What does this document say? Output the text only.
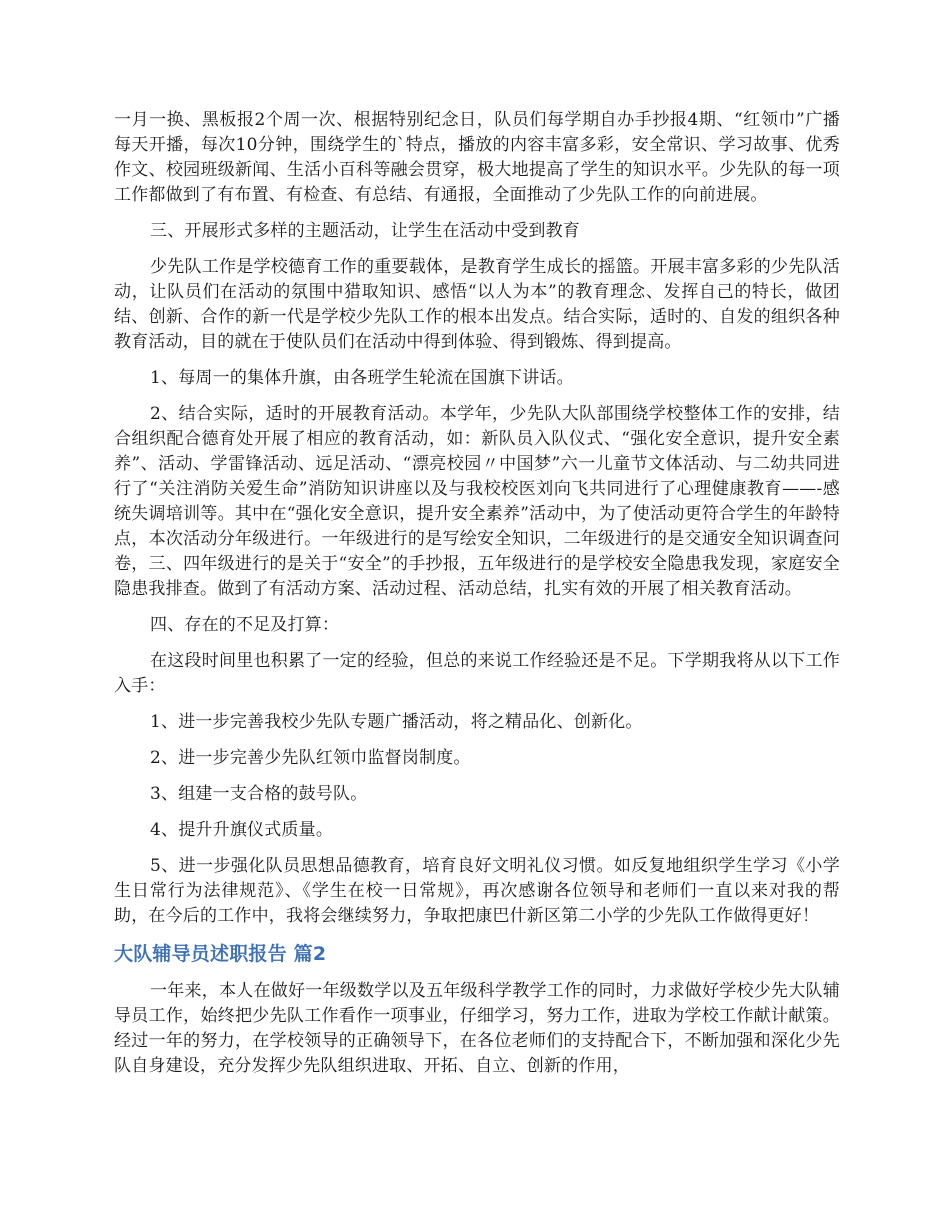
一月一换、黑板报2个周一次、根据特别纪念日，队员们每学期自办手抄报4期、“红领巾”广播每天开播，每次10分钟，围绕学生的`特点，播放的内容丰富多彩，安全常识、学习故事、优秀作文、校园班级新闻、生活小百科等融会贯穿，极大地提高了学生的知识水平。少先队的每一项工作都做到了有布置、有检查、有总结、有通报，全面推动了少先队工作的向前进展。

三、开展形式多样的主题活动，让学生在活动中受到教育

少先队工作是学校德育工作的重要载体，是教育学生成长的摇篮。开展丰富多彩的少先队活动，让队员们在活动的氛围中猎取知识、感悟“以人为本”的教育理念、发挥自己的特长，做团结、创新、合作的新一代是学校少先队工作的根本出发点。结合实际，适时的、自发的组织各种教育活动，目的就在于使队员们在活动中得到体验、得到锻炼、得到提高。

1、每周一的集体升旗，由各班学生轮流在国旗下讲话。

2、结合实际，适时的开展教育活动。本学年，少先队大队部围绕学校整体工作的安排，结合组织配合德育处开展了相应的教育活动，如：新队员入队仪式、“强化安全意识，提升安全素养”、活动、学雷锋活动、远足活动、“漂亮校园〃中国梦”六一儿童节文体活动、与二幼共同进行了“关注消防关爱生命”消防知识讲座以及与我校校医刘向飞共同进行了心理健康教育——-感统失调培训等。其中在“强化安全意识，提升安全素养”活动中，为了使活动更符合学生的年龄特点，本次活动分年级进行。一年级进行的是写绘安全知识，二年级进行的是交通安全知识调查问卷，三、四年级进行的是关于“安全”的手抄报，五年级进行的是学校安全隐患我发现，家庭安全隐患我排查。做到了有活动方案、活动过程、活动总结，扎实有效的开展了相关教育活动。

四、存在的不足及打算：

在这段时间里也积累了一定的经验，但总的来说工作经验还是不足。下学期我将从以下工作入手：

1、进一步完善我校少先队专题广播活动，将之精品化、创新化。

2、进一步完善少先队红领巾监督岗制度。

3、组建一支合格的鼓号队。

4、提升升旗仪式质量。

5、进一步强化队员思想品德教育，培育良好文明礼仪习惯。如反复地组织学生学习《小学生日常行为法律规范》、《学生在校一日常规》，再次感谢各位领导和老师们一直以来对我的帮助，在今后的工作中，我将会继续努力，争取把康巴什新区第二小学的少先队工作做得更好！

大队辅导员述职报告 篇2

一年来，本人在做好一年级数学以及五年级科学教学工作的同时，力求做好学校少先大队辅导员工作，始终把少先队工作看作一项事业，仔细学习，努力工作，进取为学校工作献计献策。经过一年的努力，在学校领导的正确领导下，在各位老师们的支持配合下，不断加强和深化少先队自身建设，充分发挥少先队组织进取、开拓、自立、创新的作用，
